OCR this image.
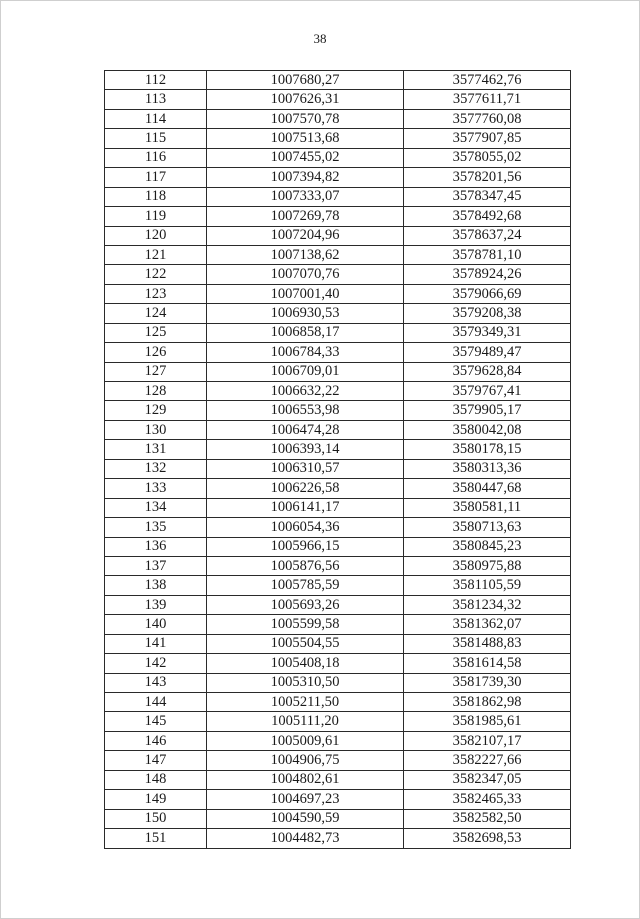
38
112	1007680,27	3577462,76
113	1007626,31	3577611,71
114	1007570,78	3577760,08
115	1007513,68	3577907,85
116	1007455,02	3578055,02
117	1007394,82	3578201,56
118	1007333,07	3578347,45
119	1007269,78	3578492,68
120	1007204,96	3578637,24
121	1007138,62	3578781,10
122	1007070,76	3578924,26
123	1007001,40	3579066,69
124	1006930,53	3579208,38
125	1006858,17	3579349,31
126	1006784,33	3579489,47
127	1006709,01	3579628,84
128	1006632,22	3579767,41
129	1006553,98	3579905,17
130	1006474,28	3580042,08
131	1006393,14	3580178,15
132	1006310,57	3580313,36
133	1006226,58	3580447,68
134	1006141,17	3580581,11
135	1006054,36	3580713,63
136	1005966,15	3580845,23
137	1005876,56	3580975,88
138	1005785,59	3581105,59
139	1005693,26	3581234,32
140	1005599,58	3581362,07
141	1005504,55	3581488,83
142	1005408,18	3581614,58
143	1005310,50	3581739,30
144	1005211,50	3581862,98
145	1005111,20	3581985,61
146	1005009,61	3582107,17
147	1004906,75	3582227,66
148	1004802,61	3582347,05
149	1004697,23	3582465,33
150	1004590,59	3582582,50
151	1004482,73	3582698,53
